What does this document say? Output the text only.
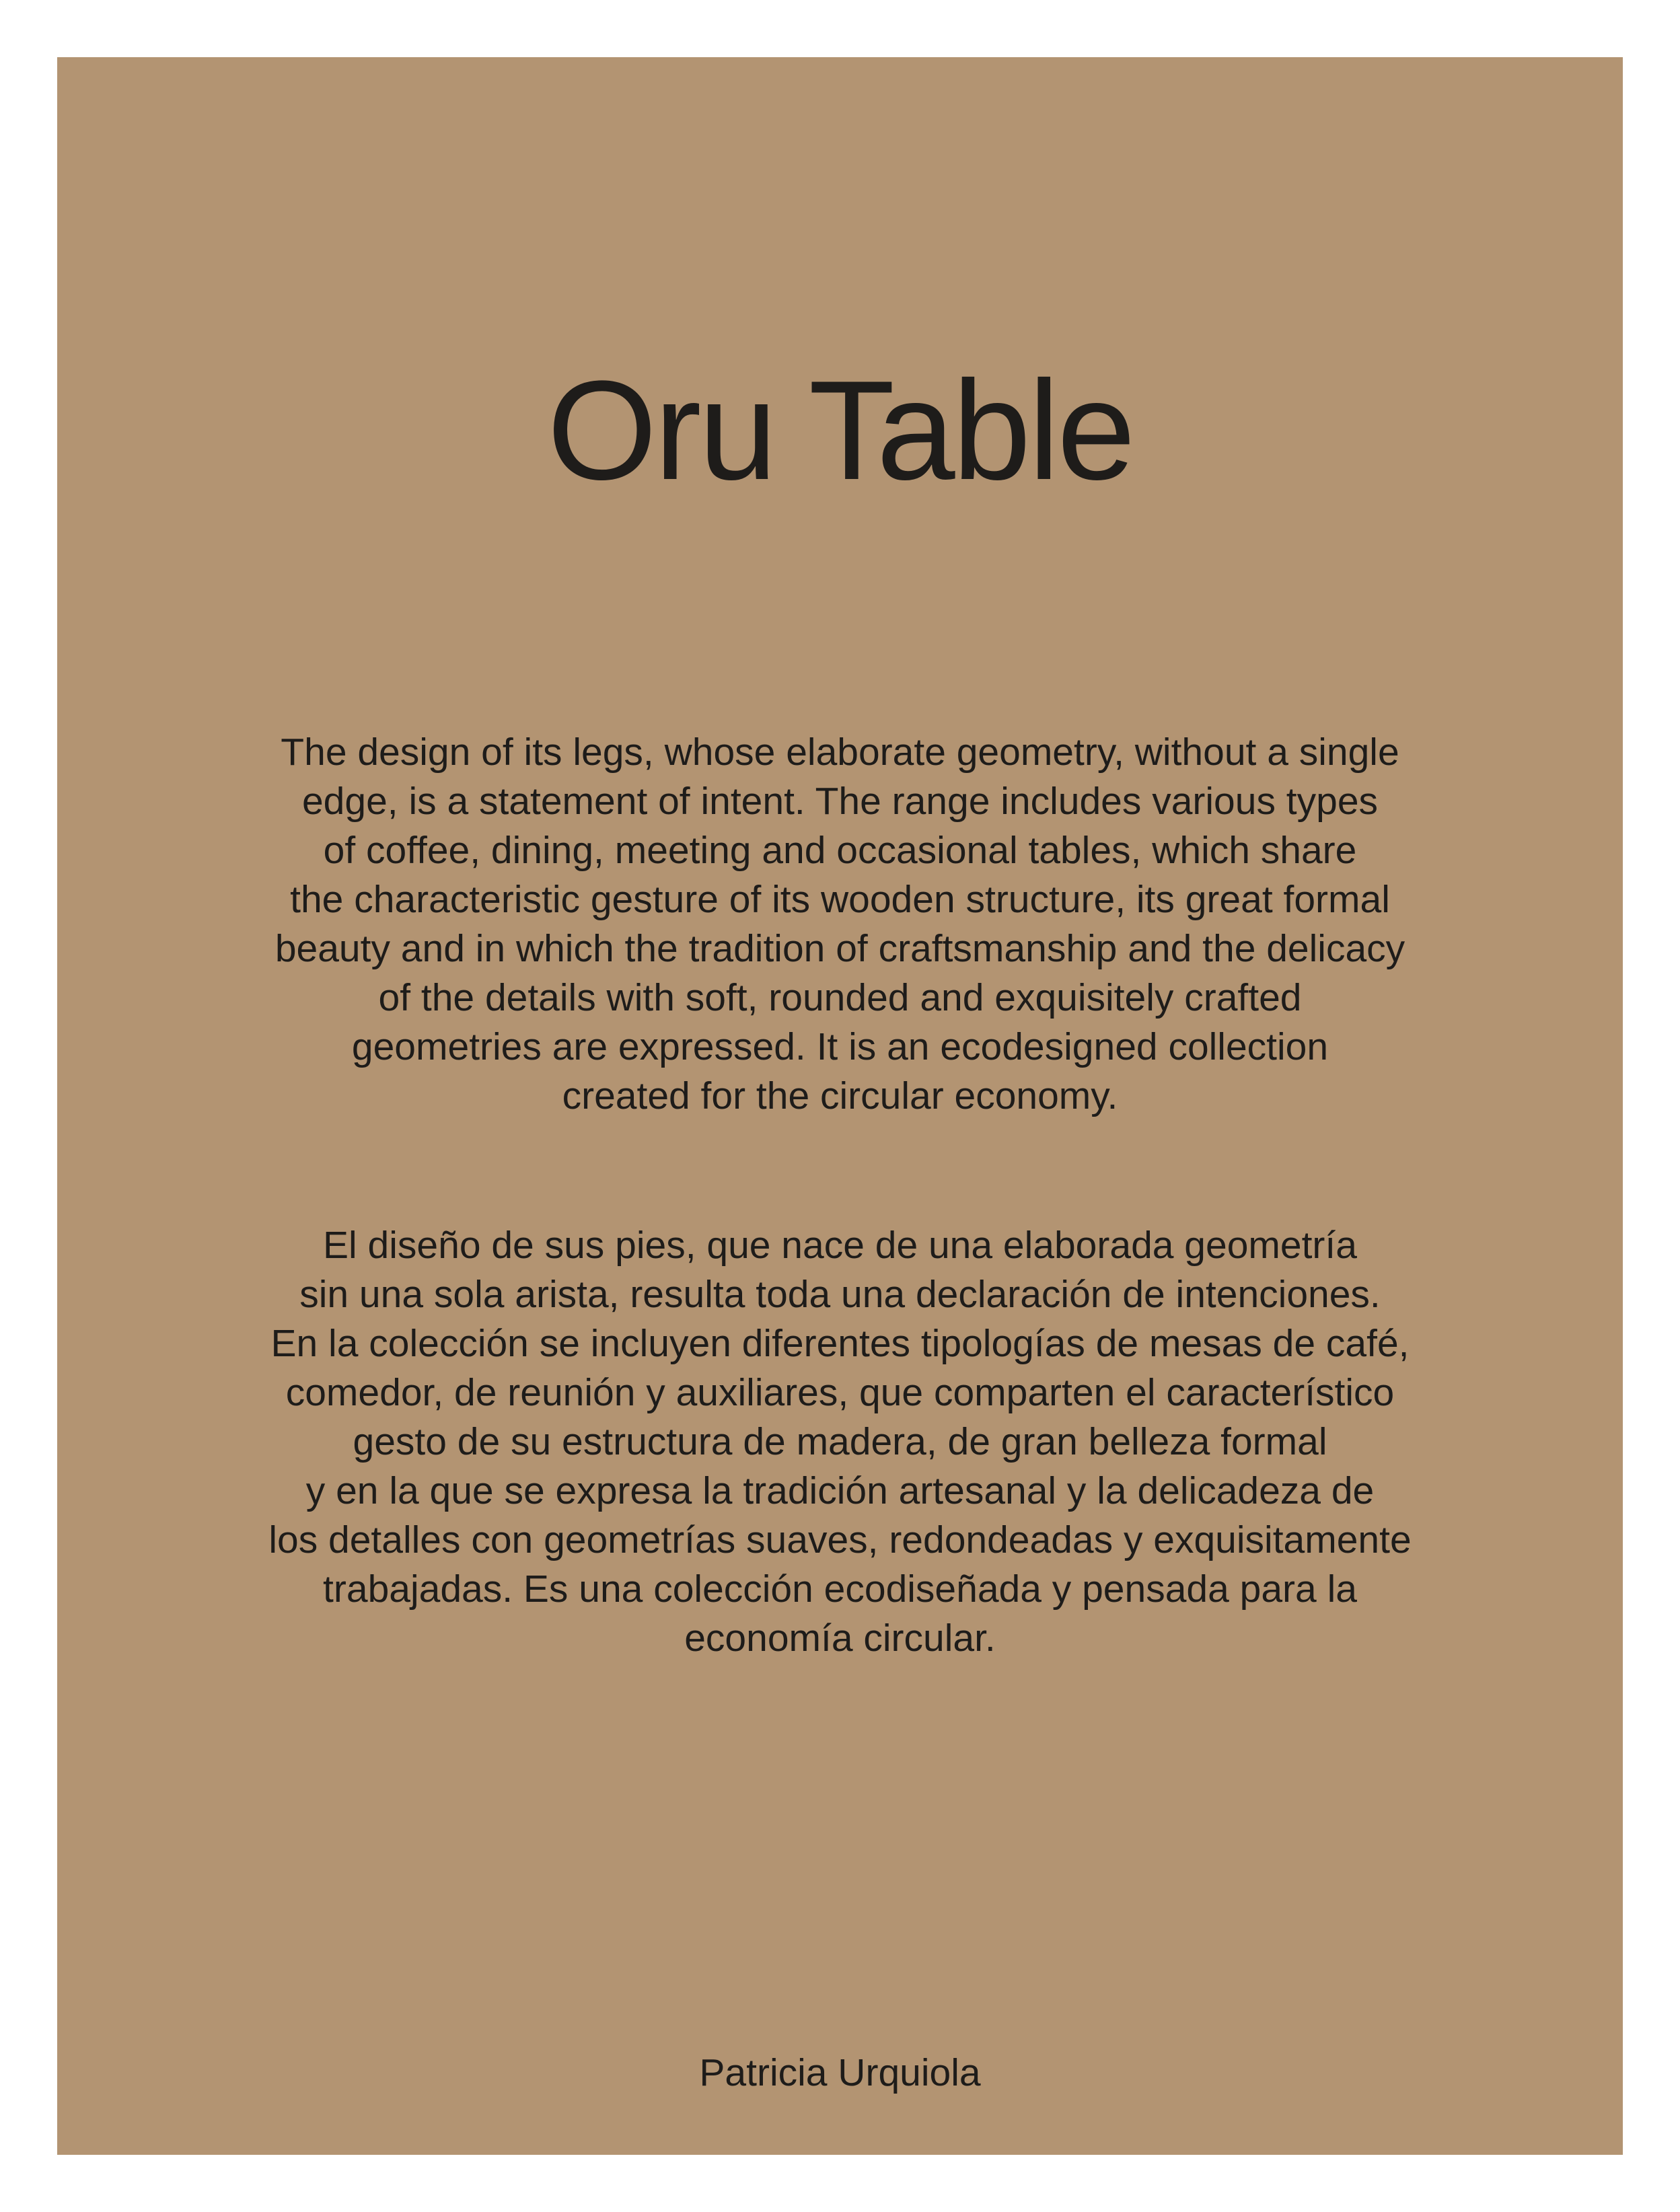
Oru Table

The design of its legs, whose elaborate geometry, without a single
edge, is a statement of intent. The range includes various types
of coffee, dining, meeting and occasional tables, which share
the characteristic gesture of its wooden structure, its great formal
beauty and in which the tradition of craftsmanship and the delicacy
of the details with soft, rounded and exquisitely crafted
geometries are expressed. It is an ecodesigned collection
created for the circular economy.

El diseño de sus pies, que nace de una elaborada geometría
sin una sola arista, resulta toda una declaración de intenciones.
En la colección se incluyen diferentes tipologías de mesas de café,
comedor, de reunión y auxiliares, que comparten el característico
gesto de su estructura de madera, de gran belleza formal
y en la que se expresa la tradición artesanal y la delicadeza de
los detalles con geometrías suaves, redondeadas y exquisitamente
trabajadas. Es una colección ecodiseñada y pensada para la
economía circular.

Patricia Urquiola
